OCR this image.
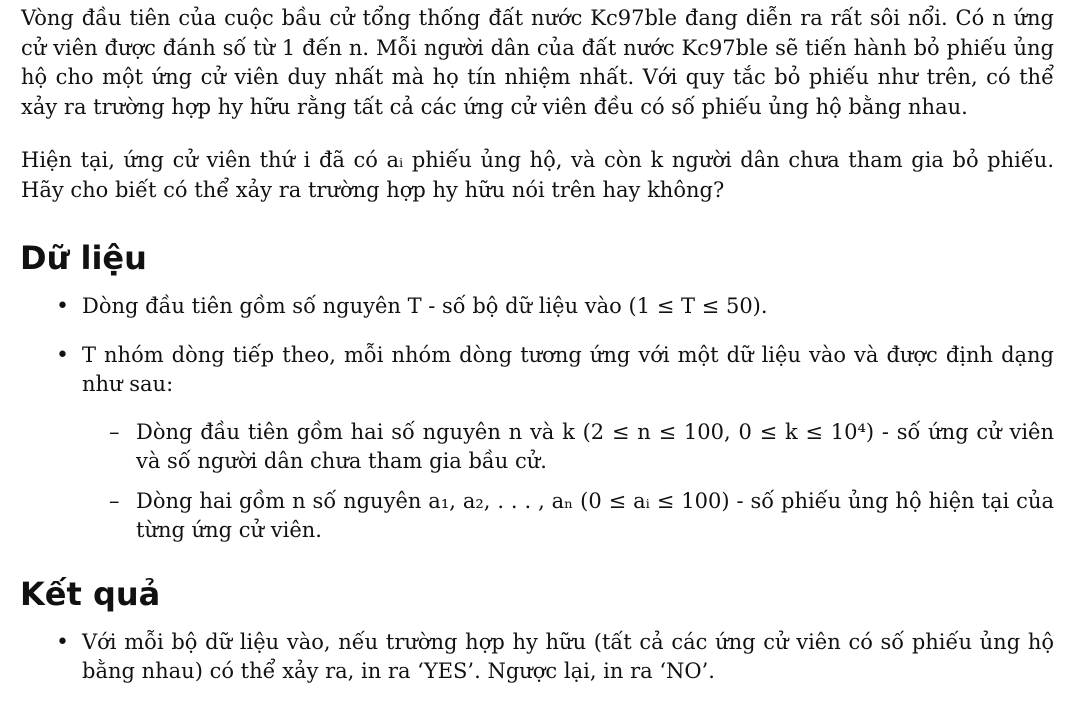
Vòng đầu tiên của cuộc bầu cử tổng thống đất nước Kc97ble đang diễn ra rất sôi nổi. Có n ứng cử viên được đánh số từ 1 đến n. Mỗi người dân của đất nước Kc97ble sẽ tiến hành bỏ phiếu ủng hộ cho một ứng cử viên duy nhất mà họ tín nhiệm nhất. Với quy tắc bỏ phiếu như trên, có thể xảy ra trường hợp hy hữu rằng tất cả các ứng cử viên đều có số phiếu ủng hộ bằng nhau.

Hiện tại, ứng cử viên thứ i đã có aᵢ phiếu ủng hộ, và còn k người dân chưa tham gia bỏ phiếu. Hãy cho biết có thể xảy ra trường hợp hy hữu nói trên hay không?

Dữ liệu
• Dòng đầu tiên gồm số nguyên T - số bộ dữ liệu vào (1 ≤ T ≤ 50).
• T nhóm dòng tiếp theo, mỗi nhóm dòng tương ứng với một dữ liệu vào và được định dạng như sau:
– Dòng đầu tiên gồm hai số nguyên n và k (2 ≤ n ≤ 100, 0 ≤ k ≤ 10⁴) - số ứng cử viên và số người dân chưa tham gia bầu cử.
– Dòng hai gồm n số nguyên a₁, a₂, . . . , aₙ (0 ≤ aᵢ ≤ 100) - số phiếu ủng hộ hiện tại của từng ứng cử viên.
Kết quả
• Với mỗi bộ dữ liệu vào, nếu trường hợp hy hữu (tất cả các ứng cử viên có số phiếu ủng hộ bằng nhau) có thể xảy ra, in ra ‘YES’. Ngược lại, in ra ‘NO’.
